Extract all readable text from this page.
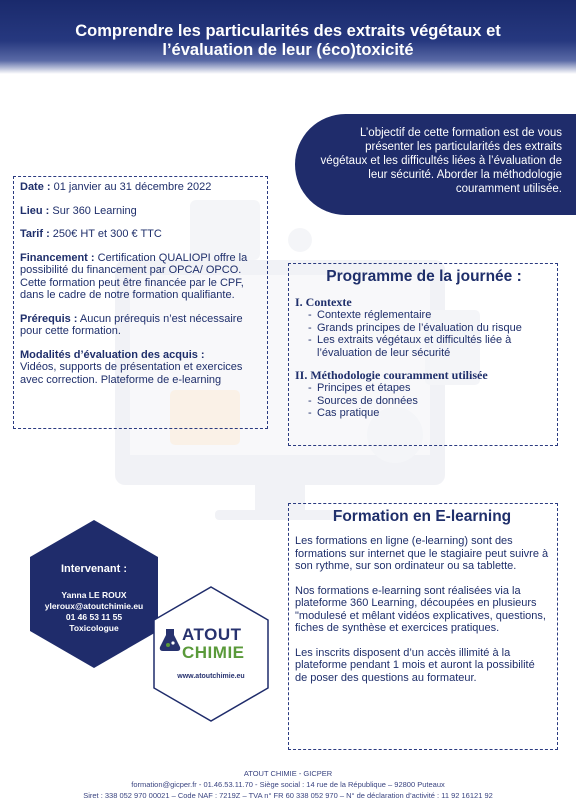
Comprendre les particularités des extraits végétaux et
l’évaluation de leur (éco)toxicité
L’objectif de cette formation est de vous présenter les particularités des extraits végétaux et les difficultés liées à l’évaluation de leur sécurité. Aborder la méthodologie couramment utilisée.

Date : 01 janvier au 31 décembre 2022

Lieu : Sur 360 Learning

Tarif : 250€ HT et 300 € TTC

Financement : Certification QUALIOPI offre la possibilité du financement par OPCA/ OPCO. Cette formation peut être financée par le CPF, dans le cadre de notre formation qualifiante.

Prérequis : Aucun prérequis n’est nécessaire pour cette formation.

Modalités d’évaluation des acquis :
Vidéos, supports de présentation et exercices avec correction. Plateforme de e-learning

Programme de la journée :
I. Contexte
- Contexte réglementaire
- Grands principes de l’évaluation du risque
- Les extraits végétaux et difficultés liée à l’évaluation de leur sécurité
II. Méthodologie couramment utilisée
- Principes et étapes
- Sources de données
- Cas pratique
Formation en E-learning

Les formations en ligne (e-learning) sont des formations sur internet que le stagiaire peut suivre à son rythme, sur son ordinateur ou sa tablette.

Nos formations e-learning sont réalisées via la plateforme 360 Learning, découpées en plusieurs "modulesé et mêlant vidéos explicatives, questions, fiches de synthèse et exercices pratiques.

Les inscrits disposent d’un accès illimité à la plateforme pendant 1 mois et auront la possibilité de poser des questions au formateur.

Intervenant :
Yanna LE ROUX
yleroux@atoutchimie.eu
01 46 53 11 55
Toxicologue	ATOUT
CHIMIE
www.atoutchimie.eu
ATOUT CHIMIE - GICPER
formation@gicper.fr - 01.46.53.11.70 - Siège social : 14 rue de la République – 92800 Puteaux
Siret : 338 052 970 00021 – Code NAF : 7219Z – TVA n° FR 60 338 052 970 – N° de déclaration d’activité : 11 92 16121 92
